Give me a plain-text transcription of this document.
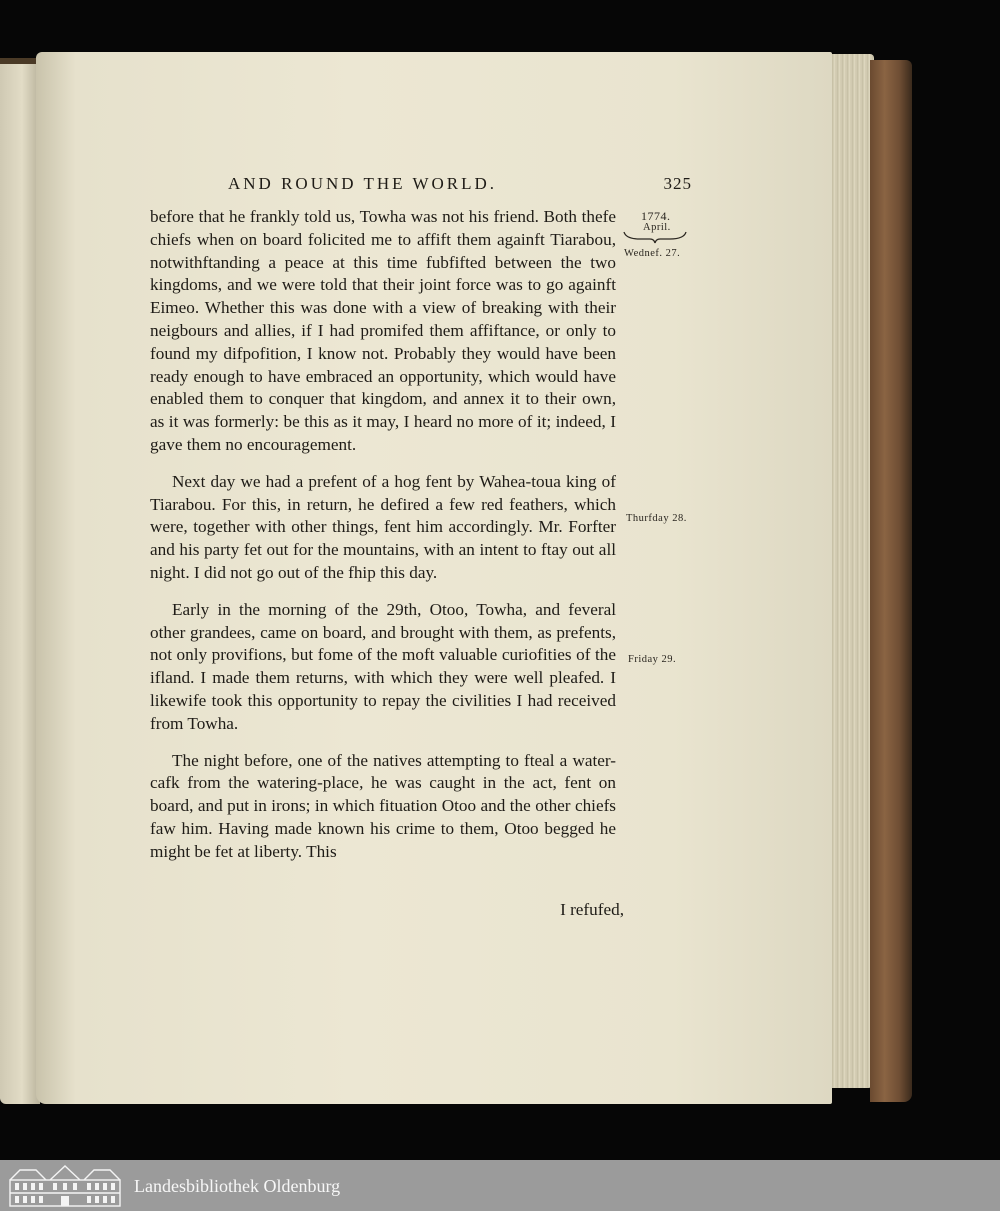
AND ROUND THE WORLD.	325
1774.
April.
Wednef. 27.
Thurfday 28.
Friday 29.

before that he frankly told us, Towha was not his friend. Both thefe chiefs when on board folicited me to affift them againft Tiarabou, notwithftanding a peace at this time fubfifted between the two kingdoms, and we were told that their joint force was to go againft Eimeo. Whether this was done with a view of breaking with their neigbours and allies, if I had promifed them affiftance, or only to found my difpofition, I know not. Probably they would have been ready enough to have embraced an opportunity, which would have enabled them to conquer that kingdom, and annex it to their own, as it was formerly: be this as it may, I heard no more of it; indeed, I gave them no encouragement.

Next day we had a prefent of a hog fent by Wahea-toua king of Tiarabou. For this, in return, he defired a few red feathers, which were, together with other things, fent him accordingly. Mr. Forfter and his party fet out for the mountains, with an intent to ftay out all night. I did not go out of the fhip this day.

Early in the morning of the 29th, Otoo, Towha, and feveral other grandees, came on board, and brought with them, as prefents, not only provifions, but fome of the moft valuable curiofities of the ifland. I made them returns, with which they were well pleafed. I likewife took this opportunity to repay the civilities I had received from Towha.

The night before, one of the natives attempting to fteal a water-cafk from the watering-place, he was caught in the act, fent on board, and put in irons; in which fituation Otoo and the other chiefs faw him. Having made known his crime to them, Otoo begged he might be fet at liberty. This

I refufed,
Landesbibliothek Oldenburg
